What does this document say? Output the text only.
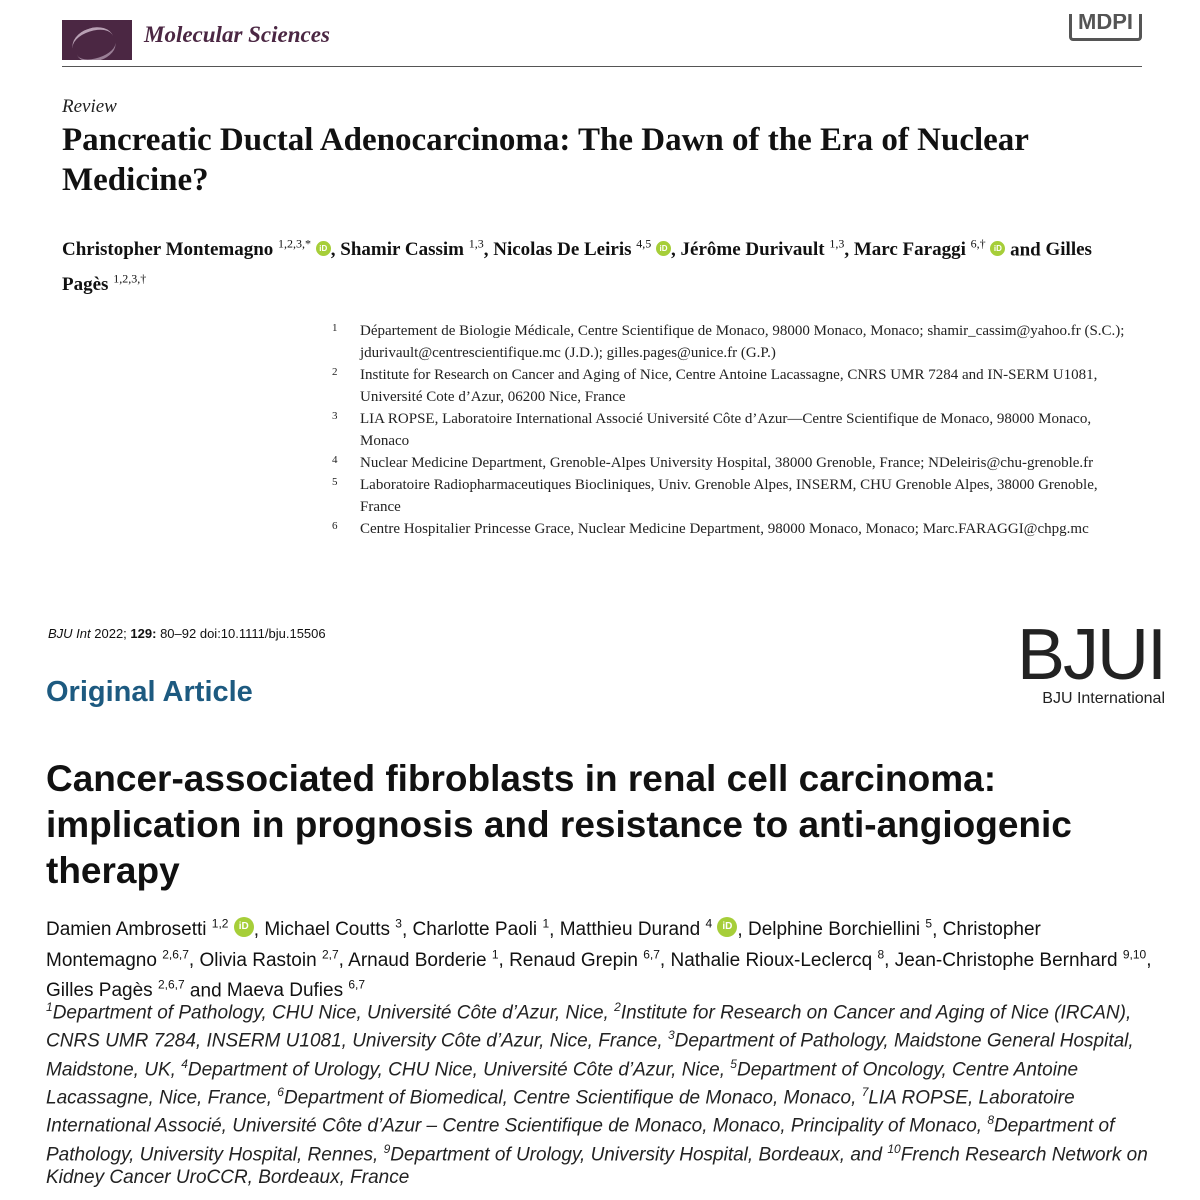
Molecular Sciences
MDPI
Review
Pancreatic Ductal Adenocarcinoma: The Dawn of the Era of Nuclear Medicine?
Christopher Montemagno $^{1,2,3,*}$ iD , Shamir Cassim $^{1,3}$, Nicolas De Leiris $^{4,5}$ iD , Jérôme Durivault $^{1,3}$, Marc Faraggi $^{6,\dagger}$ iD and Gilles Pagès $^{1,2,3,\dagger}$
1 Département de Biologie Médicale, Centre Scientifique de Monaco, 98000 Monaco, Monaco; shamir_cassim@yahoo.fr (S.C.); jdurivault@centrescientifique.mc (J.D.); gilles.pages@unice.fr (G.P.)
2 Institute for Research on Cancer and Aging of Nice, Centre Antoine Lacassagne, CNRS UMR 7284 and IN-SERM U1081, Université Cote d’Azur, 06200 Nice, France
3 LIA ROPSE, Laboratoire International Associé Université Côte d’Azur—Centre Scientifique de Monaco, 98000 Monaco, Monaco
4 Nuclear Medicine Department, Grenoble-Alpes University Hospital, 38000 Grenoble, France; NDeleiris@chu-grenoble.fr
5 Laboratoire Radiopharmaceutiques Biocliniques, Univ. Grenoble Alpes, INSERM, CHU Grenoble Alpes, 38000 Grenoble, France
6 Centre Hospitalier Princesse Grace, Nuclear Medicine Department, 98000 Monaco, Monaco; Marc.FARAGGI@chpg.mc
BJU Int 2022; 129: 80–92 doi:10.1111/bju.15506
Original Article	BJUI
BJU International
Cancer-associated fibroblasts in renal cell carcinoma: implication in prognosis and resistance to anti-angiogenic therapy
Damien Ambrosetti $^{1,2}$ iD , Michael Coutts $^3$, Charlotte Paoli $^1$, Matthieu Durand $^4$ iD , Delphine Borchiellini $^5$, Christopher Montemagno $^{2,6,7}$, Olivia Rastoin $^{2,7}$, Arnaud Borderie $^1$, Renaud Grepin $^{6,7}$, Nathalie Rioux-Leclercq $^8$, Jean-Christophe Bernhard $^{9,10}$, Gilles Pagès $^{2,6,7}$ and Maeva Dufies $^{6,7}$
$^1$Department of Pathology, CHU Nice, Université Côte d’Azur, Nice, $^2$Institute for Research on Cancer and Aging of Nice (IRCAN), CNRS UMR 7284, INSERM U1081, University Côte d’Azur, Nice, France, $^3$Department of Pathology, Maidstone General Hospital, Maidstone, UK, $^4$Department of Urology, CHU Nice, Université Côte d’Azur, Nice, $^5$Department of Oncology, Centre Antoine Lacassagne, Nice, France, $^6$Department of Biomedical, Centre Scientifique de Monaco, Monaco, $^7$LIA ROPSE, Laboratoire International Associé, Université Côte d’Azur – Centre Scientifique de Monaco, Monaco, Principality of Monaco, $^8$Department of Pathology, University Hospital, Rennes, $^9$Department of Urology, University Hospital, Bordeaux, and $^{10}$French Research Network on Kidney Cancer UroCCR, Bordeaux, France
